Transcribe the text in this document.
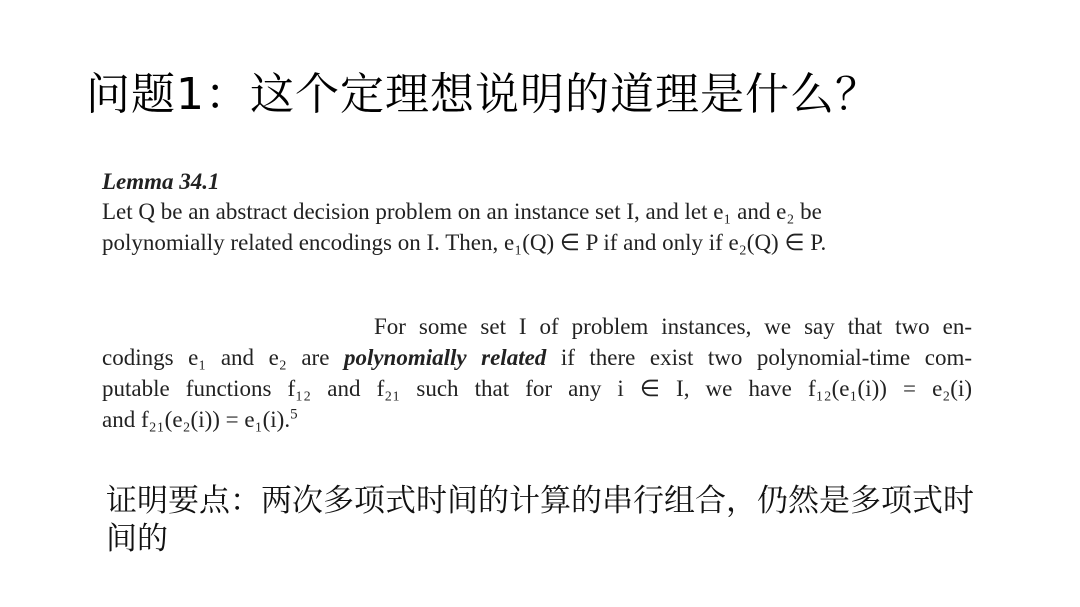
问题1：这个定理想说明的道理是什么？
Lemma 34.1
Let Q be an abstract decision problem on an instance set I, and let e₁ and e₂ be
polynomially related encodings on I. Then, e₁(Q) ∈ P if and only if e₂(Q) ∈ P.
For some set I of problem instances, we say that two en-
codings e₁ and e₂ are polynomially related if there exist two polynomial-time com-
putable functions f₁₂ and f₂₁ such that for any i ∈ I, we have f₁₂(e₁(i)) = e₂(i)
and f₂₁(e₂(i)) = e₁(i).$^5$
证明要点：两次多项式时间的计算的串行组合，仍然是多项式时间的
